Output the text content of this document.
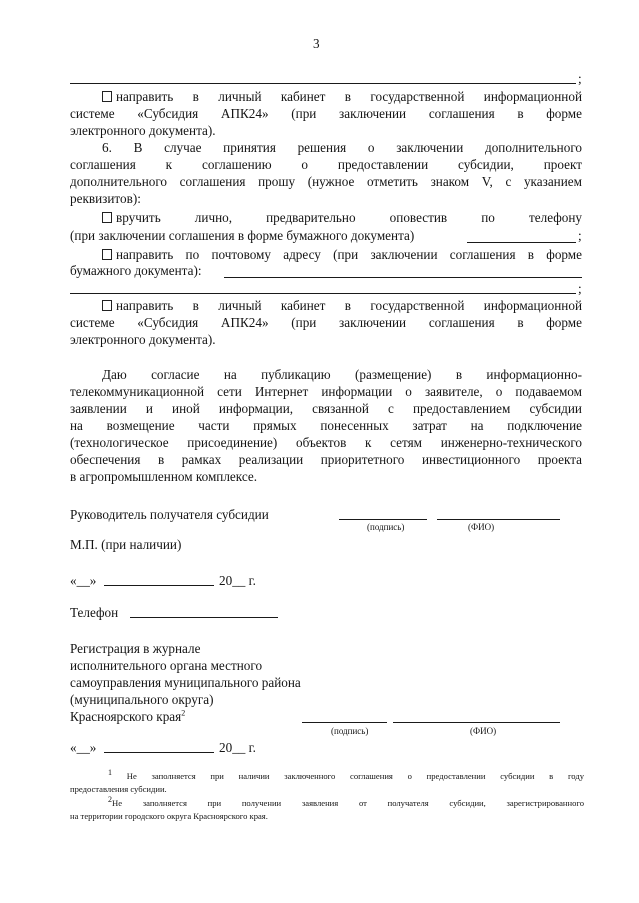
3
;
направить в личный кабинет в государственной информационной
системе «Субсидия АПК24» (при заключении соглашения в форме
электронного документа).
6. В случае принятия решения о заключении дополнительного
соглашения к соглашению о предоставлении субсидии, проект
дополнительного соглашения прошу (нужное отметить знаком V, с указанием
реквизитов):
вручить лично, предварительно оповестив по телефону
(при заключении соглашения в форме бумажного документа)	;
направить по почтовому адресу (при заключении соглашения в форме
бумажного документа):
;
направить в личный кабинет в государственной информационной
системе «Субсидия АПК24» (при заключении соглашения в форме
электронного документа).
Даю согласие на публикацию (размещение) в информационно-
телекоммуникационной сети Интернет информации о заявителе, о подаваемом
заявлении и иной информации, связанной с предоставлением субсидии
на возмещение части прямых понесенных затрат на подключение
(технологическое присоединение) объектов к сетям инженерно-технического
обеспечения в рамках реализации приоритетного инвестиционного проекта
в агропромышленном комплексе.
Руководитель получателя субсидии
(подпись)	(ФИО)
М.П. (при наличии)
«__»	20__ г.
Телефон
Регистрация в журнале
исполнительного органа местного
самоуправления муниципального района
(муниципального округа)
Красноярского края$^2$
(подпись)	(ФИО)
«__»	20__ г.
$^1$ Не заполняется при наличии заключенного соглашения о предоставлении субсидии в году
предоставления субсидии.
$^2$Не заполняется при получении заявления от получателя субсидии, зарегистрированного
на территории городского округа Красноярского края.
